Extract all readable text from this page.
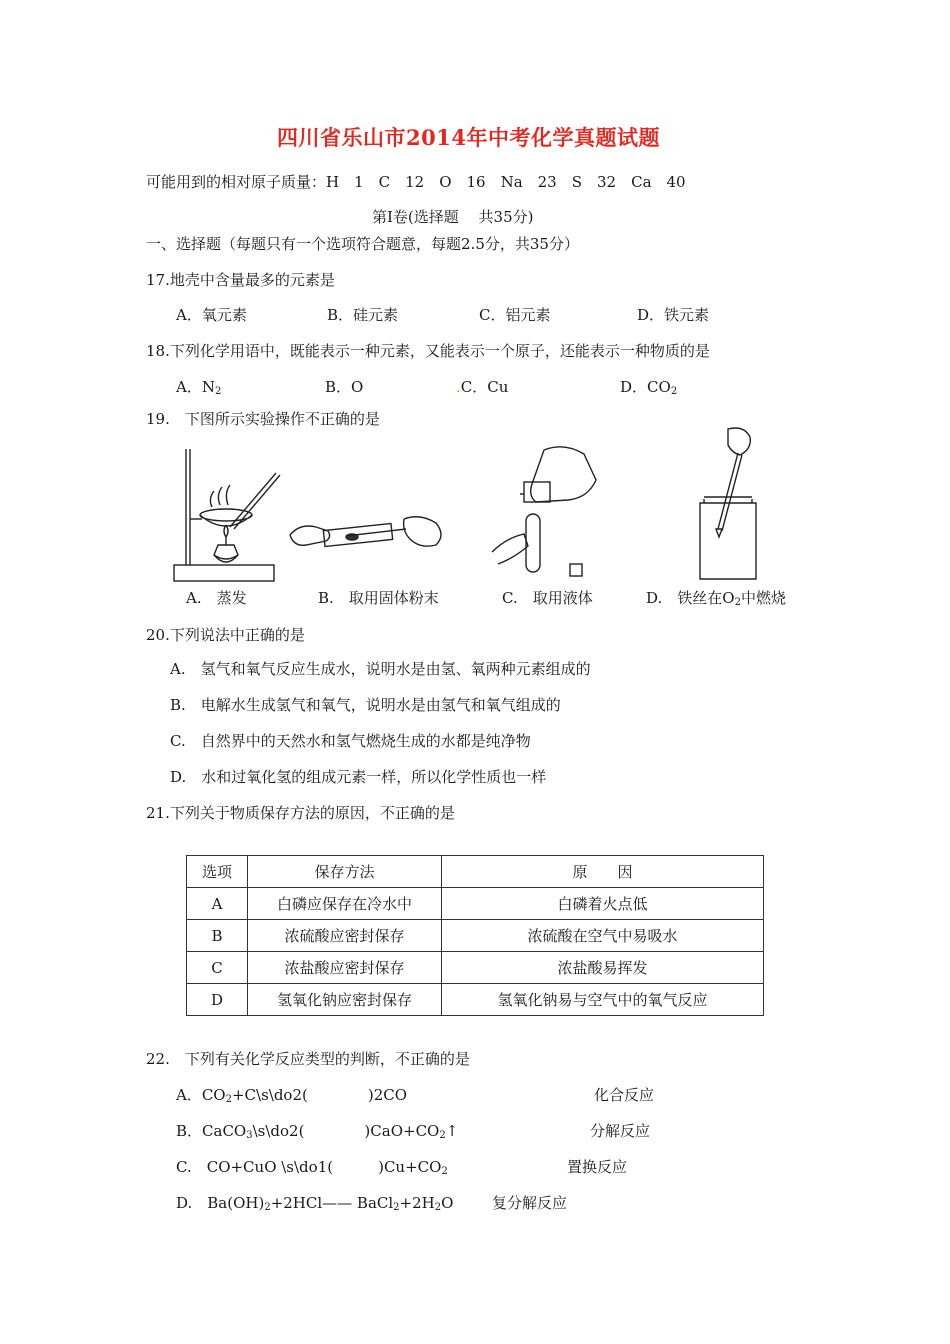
四川省乐山市2014年中考化学真题试题
可能用到的相对原子质量：H　1　C　12　O　16　Na　23　S　32　Ca　40
第Ⅰ卷(选择题　 共35分)
一、选择题（每题只有一个选项符合题意，每题2.5分，共35分）
17.地壳中含量最多的元素是
A．氧元素	B．硅元素	C．铝元素	D．铁元素
18.下列化学用语中，既能表示一种元素，又能表示一个原子，还能表示一种物质的是
A．$N_2$	B．O	.C．Cu	D．$CO_2$
19.　下图所示实验操作不正确的是
A.　蒸发	B.　取用固体粉末	C.　取用液体	D.　铁丝在$O_2$中燃烧
20.下列说法中正确的是
A.　氢气和氧气反应生成水，说明水是由氢、氧两种元素组成的
B.　电解水生成氢气和氧气，说明水是由氢气和氧气组成的
C.　自然界中的天然水和氢气燃烧生成的水都是纯净物
D.　水和过氧化氢的组成元素一样，所以化学性质也一样
21.下列关于物质保存方法的原因，不正确的是
选项	保存方法	原　　因
A	白磷应保存在冷水中	白磷着火点低
B	浓硫酸应密封保存	浓硫酸在空气中易吸水
C	浓盐酸应密封保存	浓盐酸易挥发
D	氢氧化钠应密封保存	氢氧化钠易与空气中的氧气反应
22.　下列有关化学反应类型的判断，不正确的是
A．$CO_2+C\backslash s\backslash do2$(　　　　)2CO	化合反应
B．CaCO$_3$\s\do2(　　　　)$CaO+CO_2↑$	分解反应
C.　CO+CuO \s\do1(　　　)$Cu+CO_2$	置换反应
D.　$Ba(OH)_2+2HCl——$ $BaCl_2+2H_2O$	复分解反应
